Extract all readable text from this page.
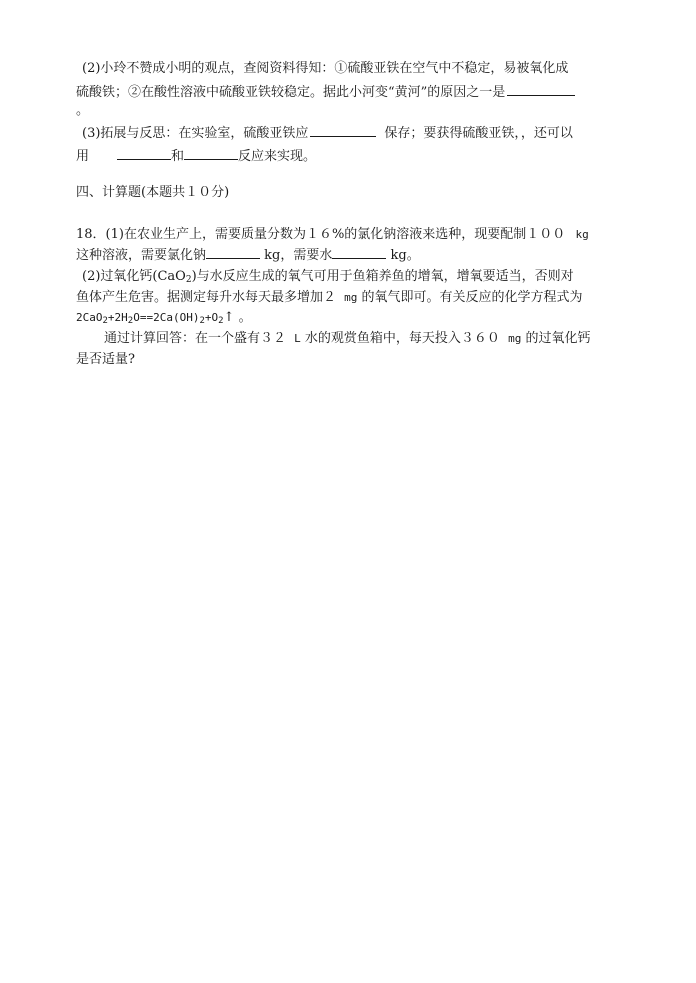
(2)小玲不赞成小明的观点，查阅资料得知：①硫酸亚铁在空气中不稳定，易被氧化成
硫酸铁；②在酸性溶液中硫酸亚铁较稳定。据此小河变“黄河”的原因之一是
。
(3)拓展与反思：在实验室，硫酸亚铁应	保存；要获得硫酸亚铁，，还可以
用	和	反应来实现。
四、计算题(本题共１０分)
18．(1)在农业生产上，需要质量分数为１６%的氯化钠溶液来选种，现要配制１００ kg
这种溶液，需要氯化钠	kg，需要水	kg。
(2)过氧化钙(CaO$_2$)与水反应生成的氧气可用于鱼箱养鱼的增氧，增氧要适当，否则对
鱼体产生危害。据测定每升水每天最多增加２ mg 的氧气即可。有关反应的化学方程式为
$2CaO_2+2H_2O==2Ca(OH)_2+O_2↑$ 。
通过计算回答：在一个盛有３２ L 水的观赏鱼箱中，每天投入３６０ mg 的过氧化钙
是否适量?
